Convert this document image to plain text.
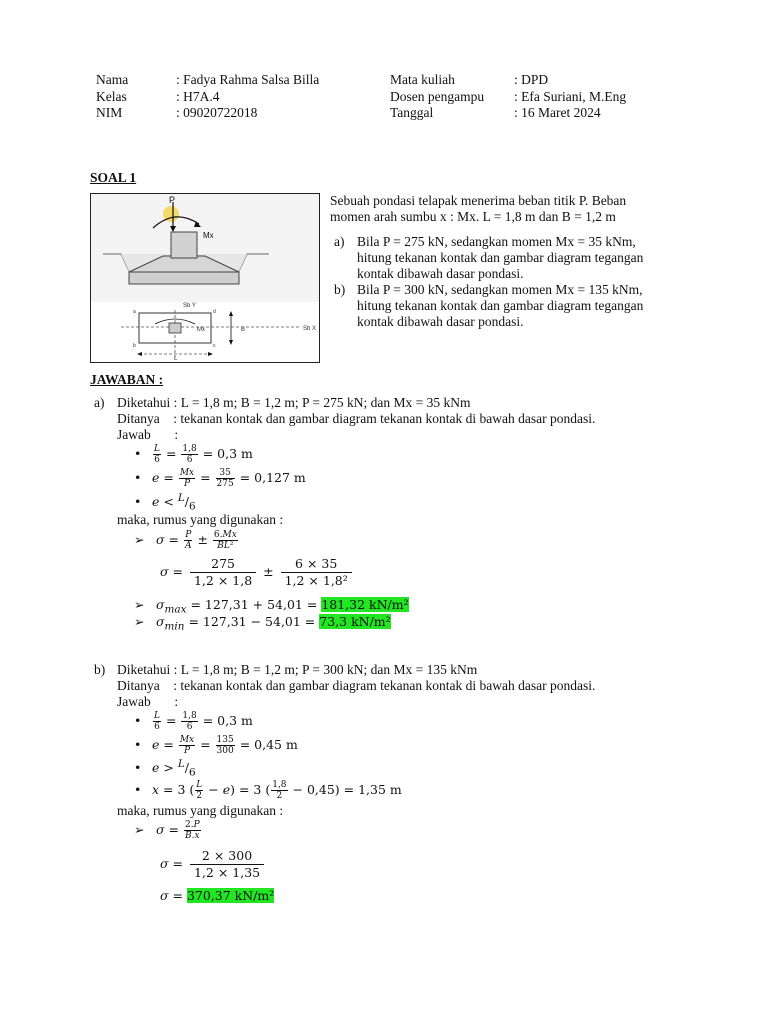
Nama	: Fadya Rahma Salsa Billa	Mata kuliah	: DPD
Kelas	: H7A.4	Dosen pengampu : Efa Suriani, M.Eng
NIM	: 09020722018	Tanggal	: 16 Maret 2024
SOAL 1
P
Mx
Sb Y
Sb X
Mx
a
b	c
d
B
L
Sebuah pondasi telapak menerima beban titik P. Beban
momen arah sumbu x : Mx. L = 1,8 m dan B = 1,2 m
a) Bila P = 275 kN, sedangkan momen Mx = 35 kNm,
hitung tekanan kontak dan gambar diagram tegangan
kontak dibawah dasar pondasi.
b) Bila P = 300 kN, sedangkan momen Mx = 135 kNm,
hitung tekanan kontak dan gambar diagram tegangan
kontak dibawah dasar pondasi.
JAWABAN :
a) Diketahui : L = 1,8 m; B = 1,2 m; P = 275 kN; dan Mx = 35 kNm
Ditanya    : tekanan kontak dan gambar diagram tekanan kontak di bawah dasar pondasi.
Jawab       :
• $\frac{L}{6} = \frac{1,8}{6} = 0,3$ m
• $e = \frac{Mx}{P} = \frac{35}{275} = 0,127$ m
• $e < ^L/_6$
maka, rumus yang digunakan :
➢ $\sigma = \frac{P}{A} \pm \frac{6.Mx}{\text{BL²}}$
$\sigma = \frac{275}{1,2 \times 1,8} \pm \frac{6 \times 35}{\text{1,2 × 1,8²}}$
➢ $\sigma_{max} = 127,31 + 54,01 = 181,32$ kN/m²
➢ $\sigma_{min} = 127,31 - 54,01 = 73,3$ kN/m²
b) Diketahui : L = 1,8 m; B = 1,2 m; P = 300 kN; dan Mx = 135 kNm
Ditanya    : tekanan kontak dan gambar diagram tekanan kontak di bawah dasar pondasi.
Jawab       :
• $\frac{L}{6} = \frac{1,8}{6} = 0,3$ m
• $e = \frac{Mx}{P} = \frac{135}{300} = 0,45$ m
• $e > ^L/_6$
• x = 3 ( $\frac{L}{2} - e) = 3$ ( $\frac{1,8}{2} - 0,45) = 1,35$ m
maka, rumus yang digunakan :
➢ $\sigma = \frac{2.P}{B.x}$
$\sigma = \frac{2 \times 300}{1,2 \times 1,35}$
σ = 370,37 kN/m²
